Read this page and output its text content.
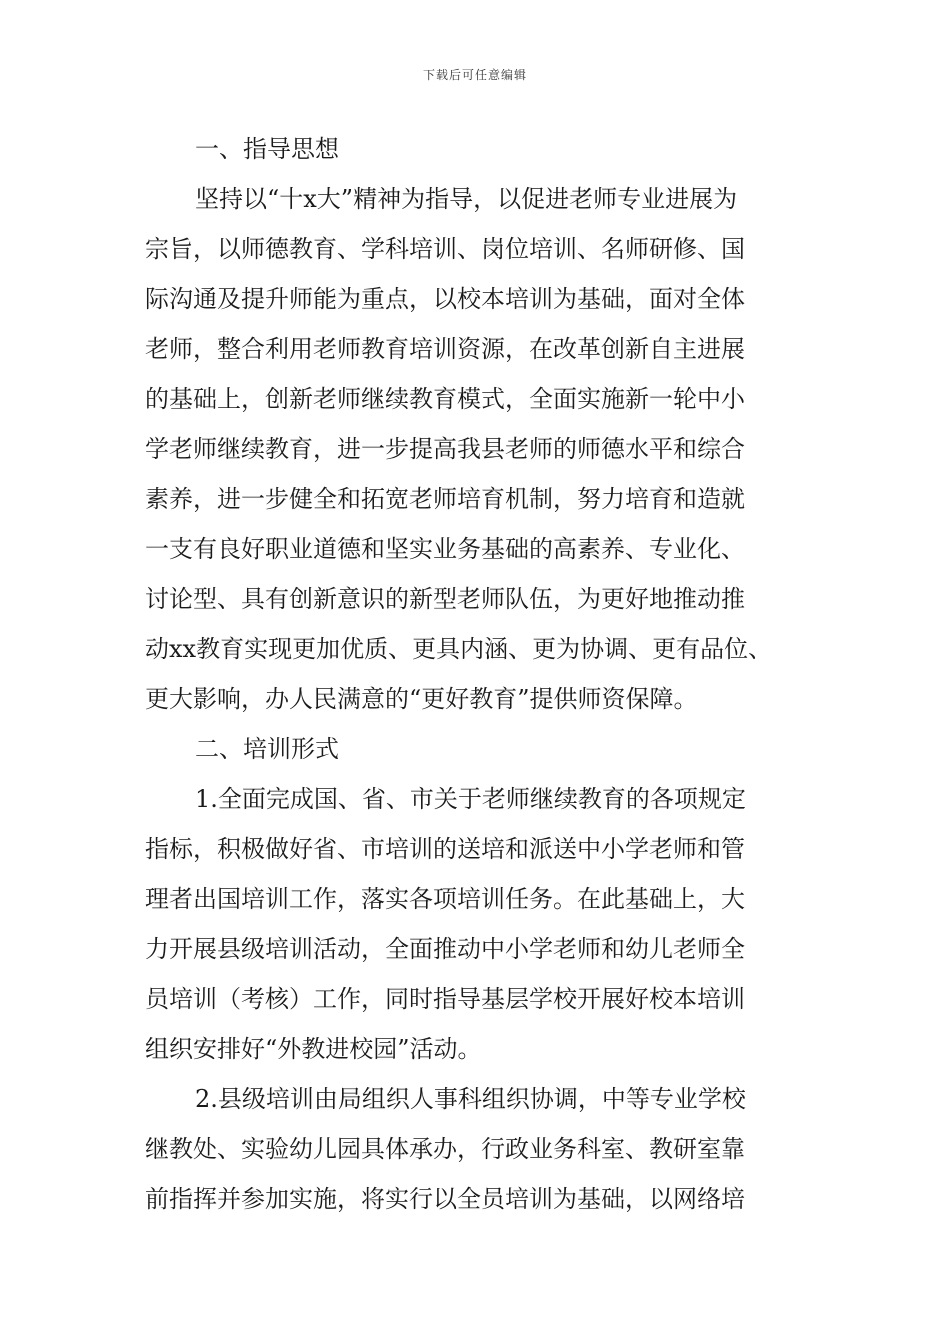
下载后可任意编辑
一、指导思想
坚持以“十x大”精神为指导，以促进老师专业进展为
宗旨，以师德教育、学科培训、岗位培训、名师研修、国
际沟通及提升师能为重点，以校本培训为基础，面对全体
老师，整合利用老师教育培训资源，在改革创新自主进展
的基础上，创新老师继续教育模式，全面实施新一轮中小
学老师继续教育，进一步提高我县老师的师德水平和综合
素养，进一步健全和拓宽老师培育机制，努力培育和造就
一支有良好职业道德和坚实业务基础的高素养、专业化、
讨论型、具有创新意识的新型老师队伍，为更好地推动推
动xx教育实现更加优质、更具内涵、更为协调、更有品位、
更大影响，办人民满意的“更好教育”提供师资保障。
二、培训形式
1.全面完成国、省、市关于老师继续教育的各项规定
指标，积极做好省、市培训的送培和派送中小学老师和管
理者出国培训工作，落实各项培训任务。在此基础上，大
力开展县级培训活动，全面推动中小学老师和幼儿老师全
员培训（考核）工作，同时指导基层学校开展好校本培训
组织安排好“外教进校园”活动。
2.县级培训由局组织人事科组织协调，中等专业学校
继教处、实验幼儿园具体承办，行政业务科室、教研室靠
前指挥并参加实施，将实行以全员培训为基础，以网络培
